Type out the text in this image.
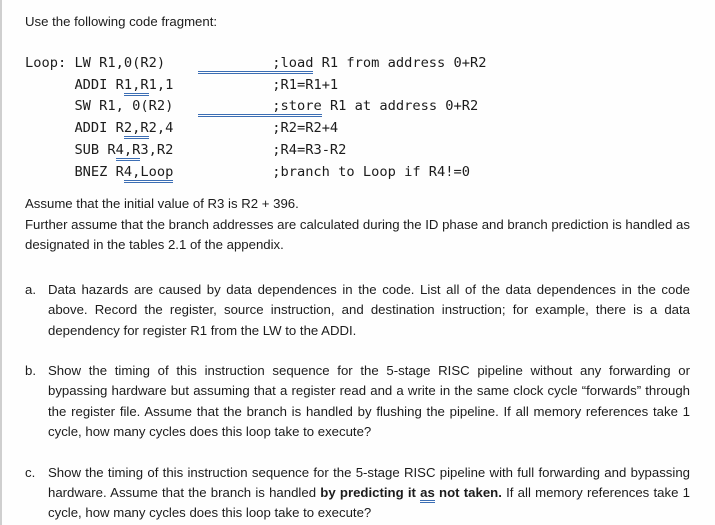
Use the following code fragment:

Loop: LW R1,0(R2)	;load R1 from address 0+R2
ADDI R1,R1,1	;R1=R1+1
SW R1, 0(R2)	;store R1 at address 0+R2
ADDI R2,R2,4	;R2=R2+4
SUB R4,R3,R2	;R4=R3-R2
BNEZ R4,Loop	;branch to Loop if R4!=0

Assume that the initial value of R3 is R2 + 396.

Further assume that the branch addresses are calculated during the ID phase and branch prediction is handled as designated in the tables 2.1 of the appendix.

a. Data hazards are caused by data dependences in the code. List all of the data dependences in the code above. Record the register, source instruction, and destination instruction; for example, there is a data dependency for register R1 from the LW to the ADDI.
b. Show the timing of this instruction sequence for the 5-stage RISC pipeline without any forwarding or bypassing hardware but assuming that a register read and a write in the same clock cycle “forwards” through the register file. Assume that the branch is handled by flushing the pipeline. If all memory references take 1 cycle, how many cycles does this loop take to execute?
c. Show the timing of this instruction sequence for the 5-stage RISC pipeline with full forwarding and bypassing hardware. Assume that the branch is handled by predicting it as not taken. If all memory references take 1 cycle, how many cycles does this loop take to execute?
